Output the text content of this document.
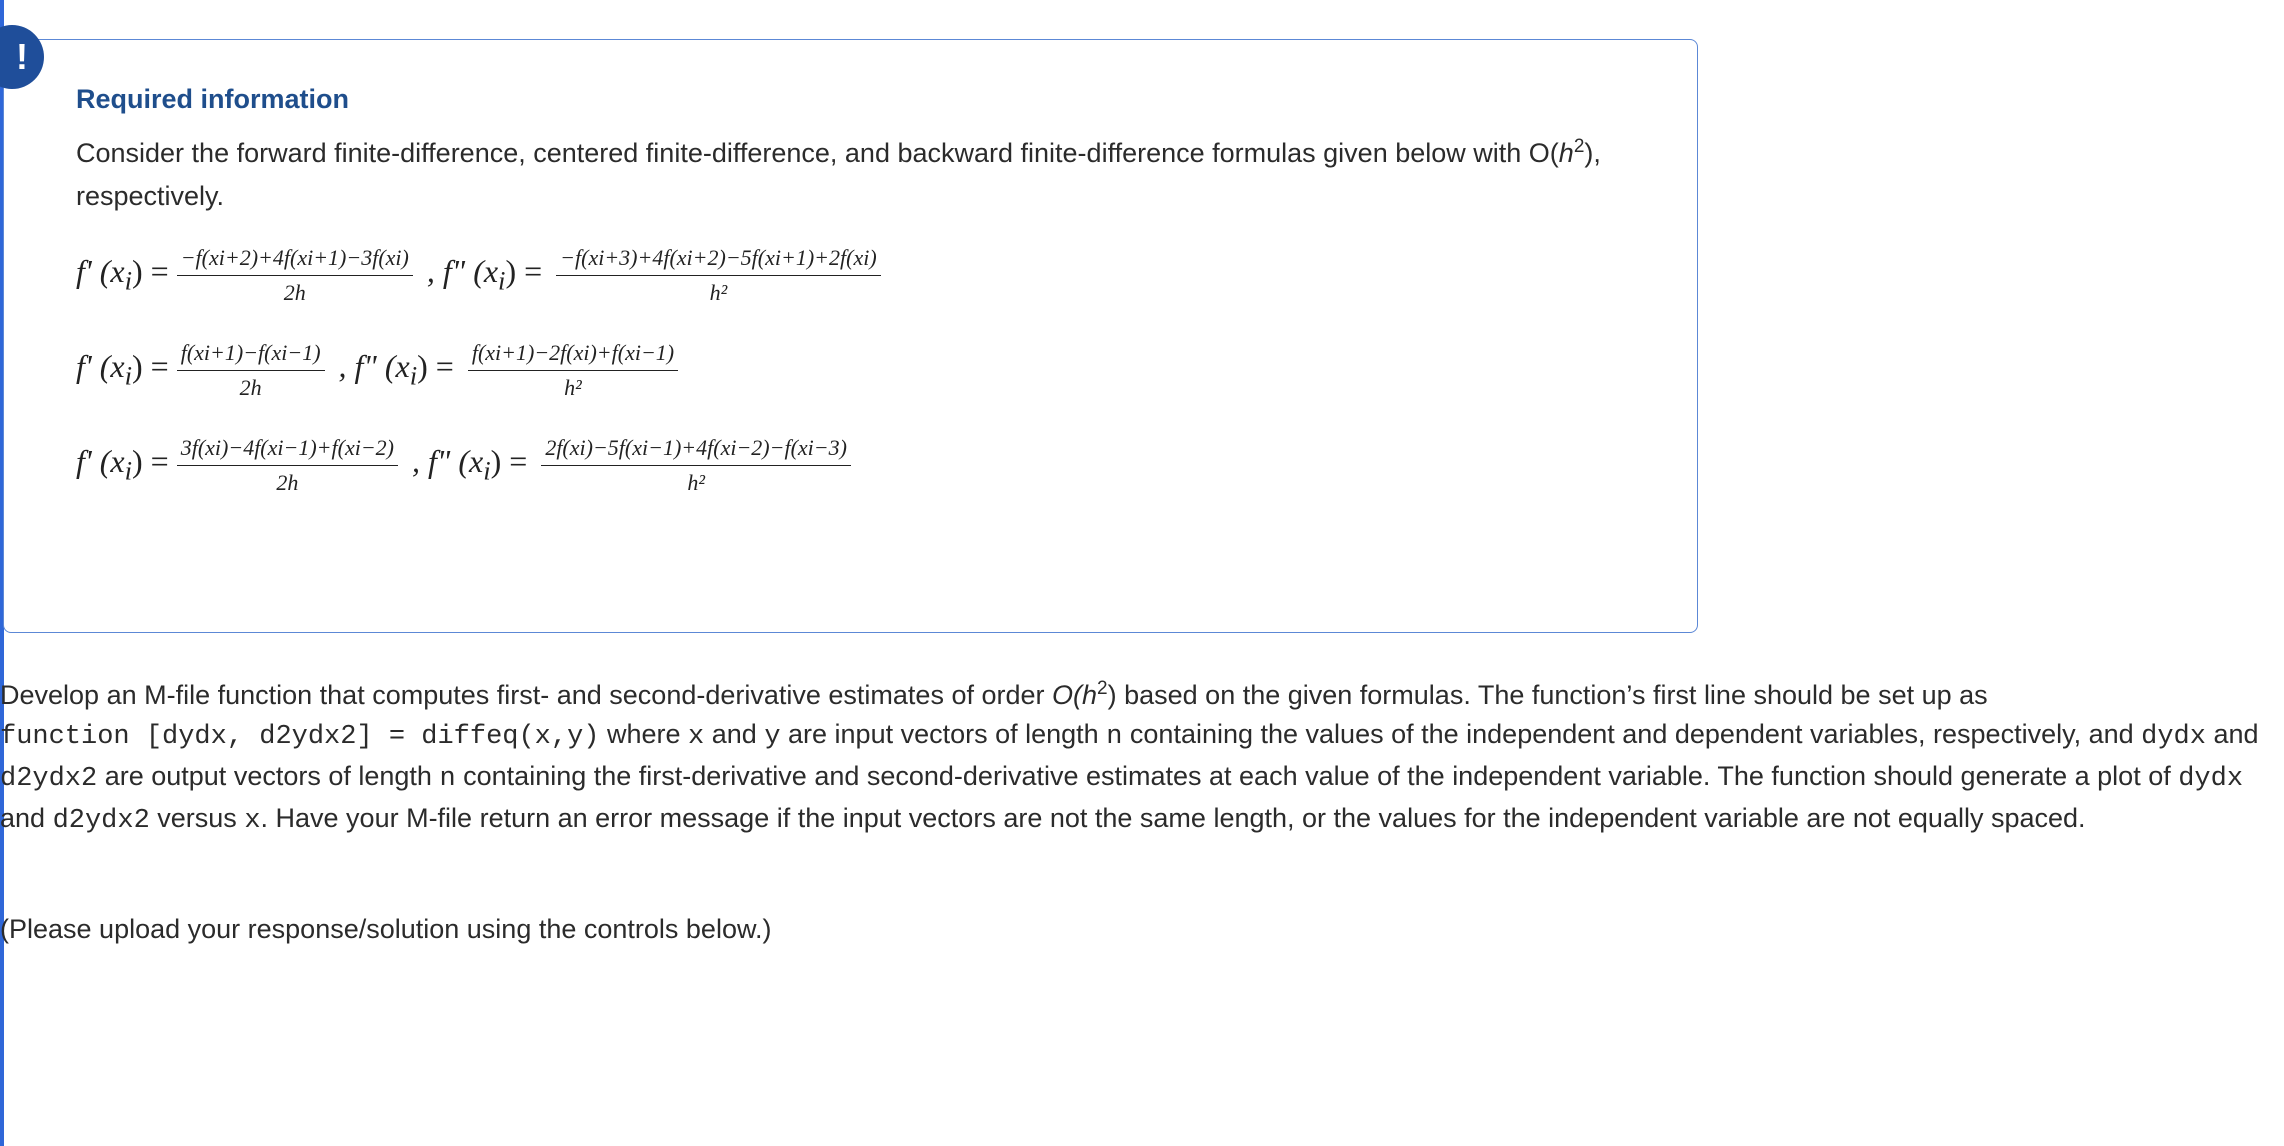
!
Required information
Consider the forward finite-difference, centered finite-difference, and backward finite-difference formulas given below with $O(h^2)$, respectively.
f' $(x_i) = \frac{-f(xi+2)+4f(xi+1)-3f(xi)}{2h}$ , f" $(x_i) = \frac{-f(xi+3)+4f(xi+2)-5f(xi+1)+2f(xi)}{\text{h²}}$
f' $(x_i) = \frac{f(xi+1)-f(xi-1)}{2h}$ , f" $(x_i) = \frac{f(xi+1)-2f(xi)+f(xi-1)}{\text{h²}}$
f' $(x_i) = \frac{3f(xi)-4f(xi-1)+f(xi-2)}{2h}$ , f" $(x_i) = \frac{2f(xi)-5f(xi-1)+4f(xi-2)-f(xi-3)}{\text{h²}}$
Develop an M-file function that computes first- and second-derivative estimates of order $O(h^2)$ based on the given formulas. The function’s first line should be set up as
function [dydx, d2ydx2] = diffeq(x,y) where x and y are input vectors of length n containing the values of the independent and dependent variables, respectively, and dydx and d2ydx2 are output vectors of length n containing the first-derivative and second-derivative estimates at each value of the independent variable. The function should generate a plot of dydx and d2ydx2 versus x. Have your M-file return an error message if the input vectors are not the same length, or the values for the independent variable are not equally spaced.
(Please upload your response/solution using the controls below.)
